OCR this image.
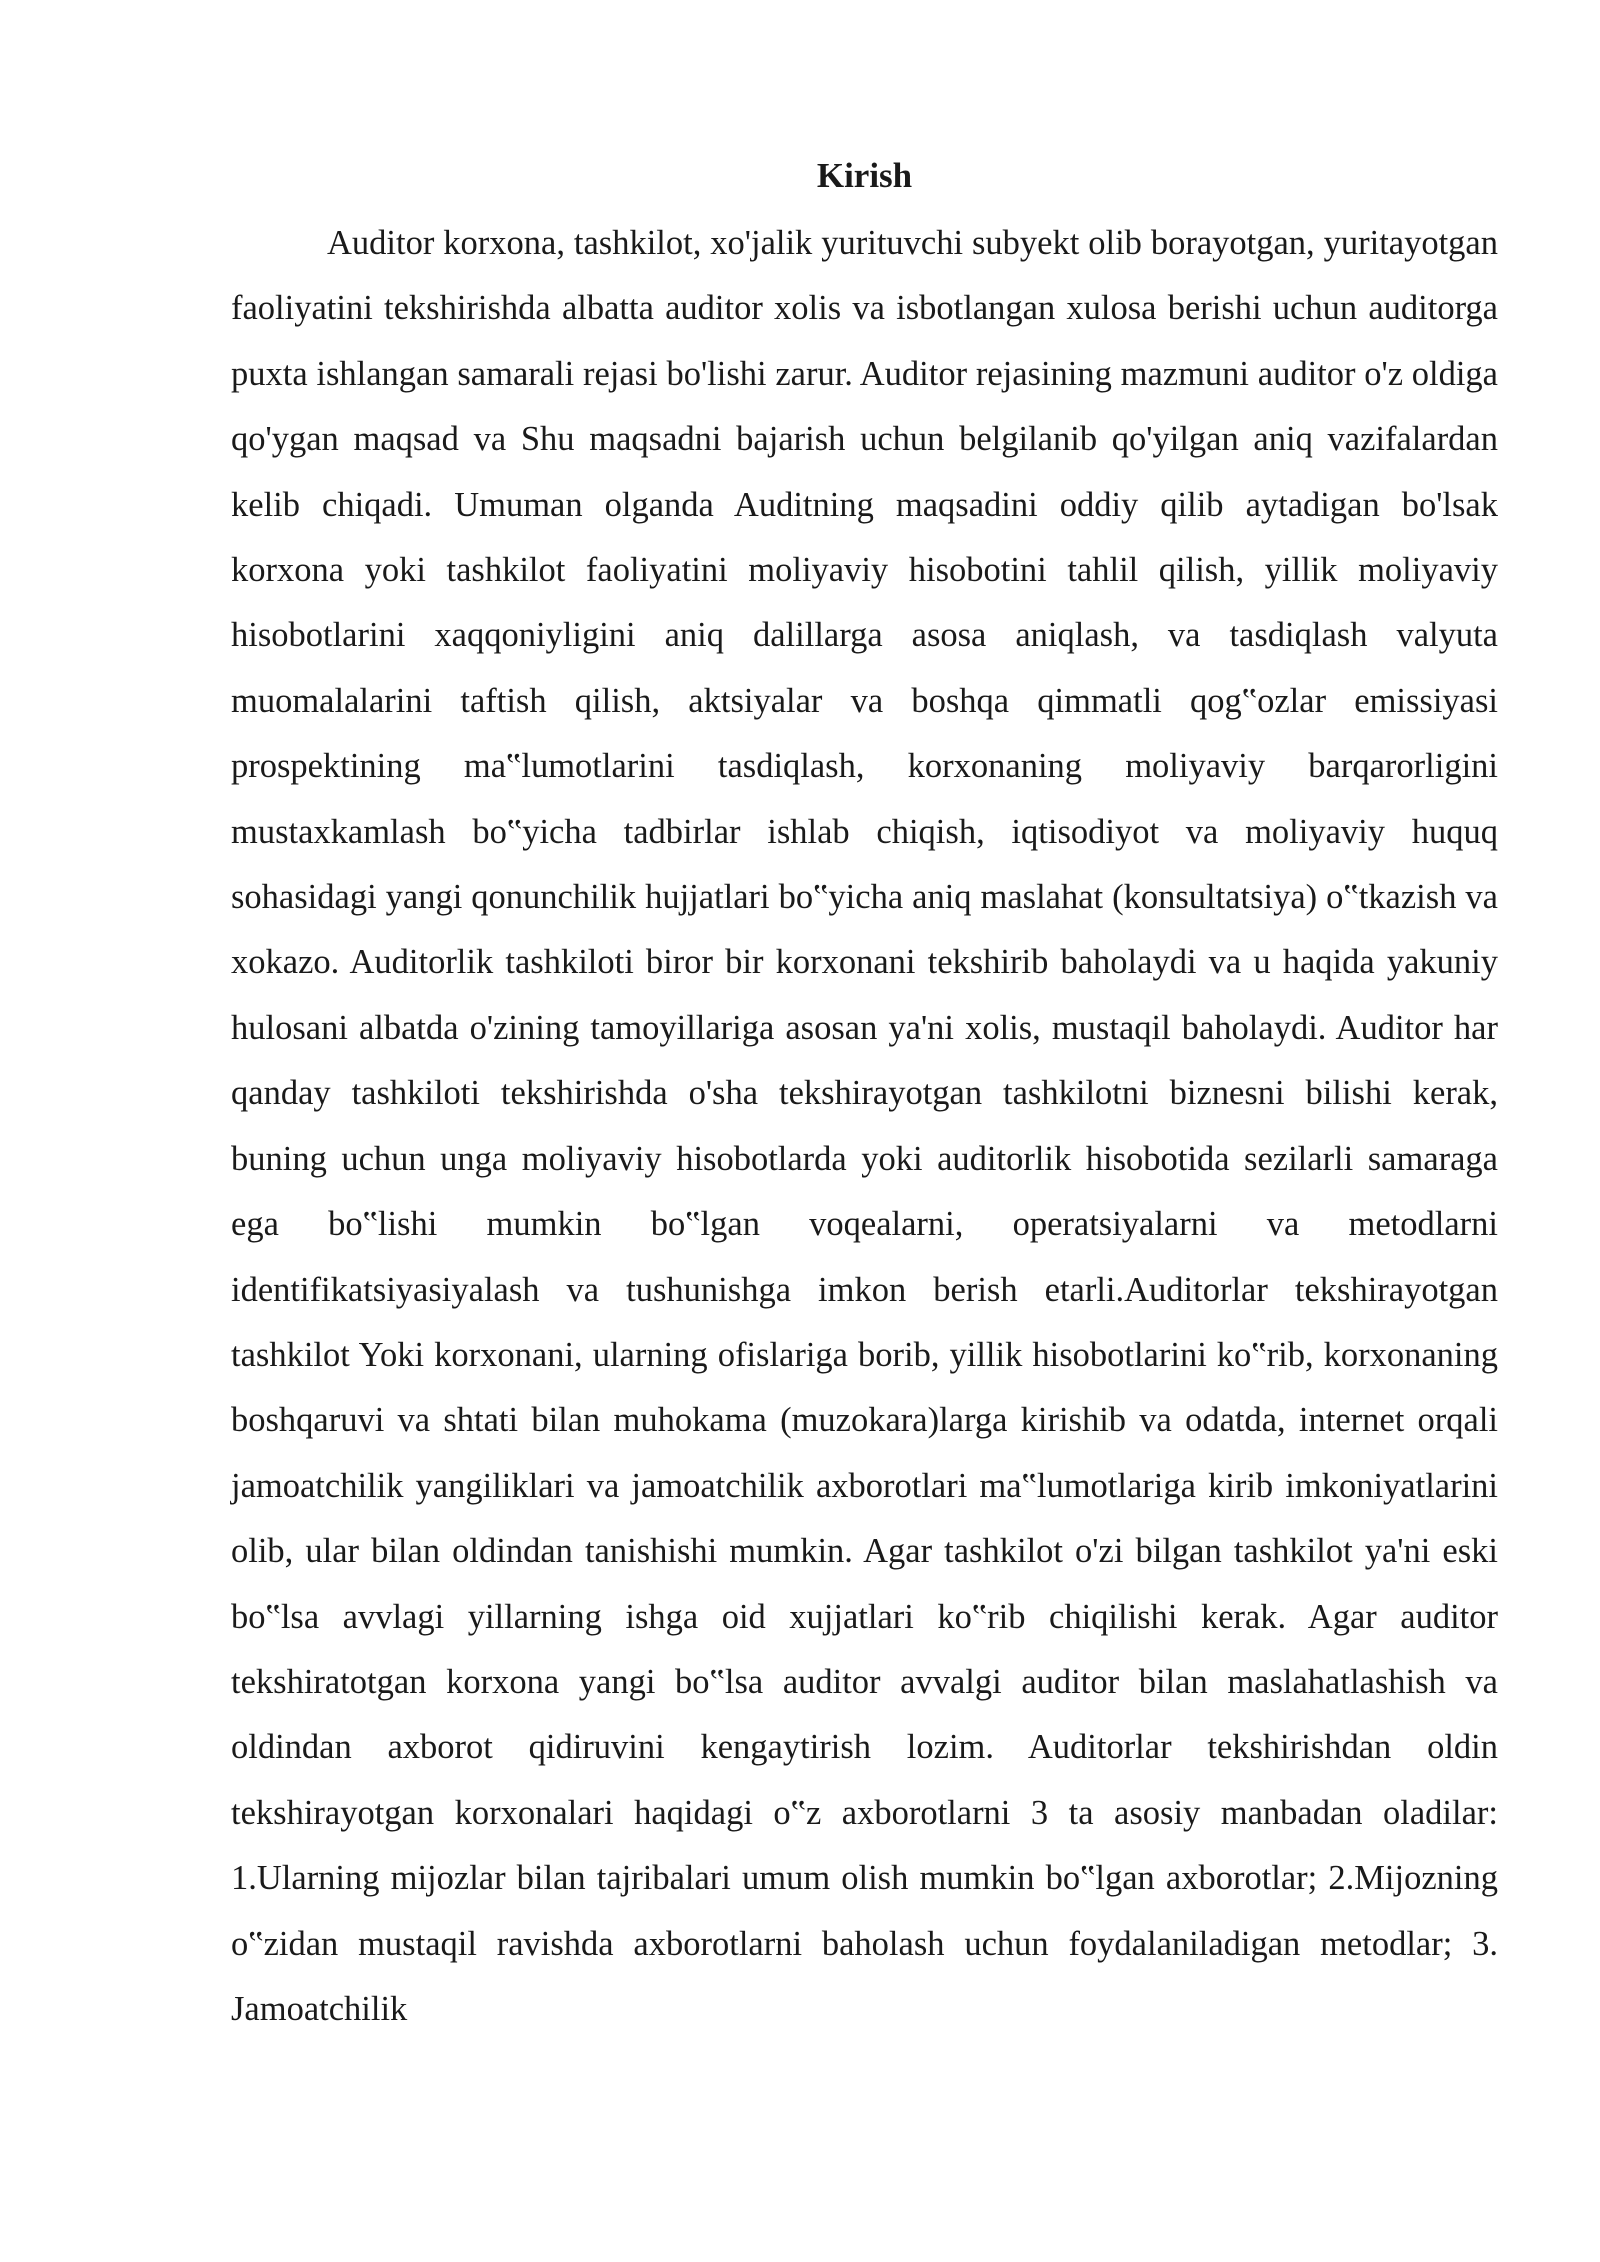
Kirish

Auditor korxona, tashkilot, xo'jalik yurituvchi subyekt olib borayotgan, yuritayotgan faoliyatini tekshirishda albatta auditor xolis va isbotlangan xulosa berishi uchun auditorga puxta ishlangan samarali rejasi bo'lishi zarur. Auditor rejasining mazmuni auditor o'z oldiga qo'ygan maqsad va Shu maqsadni bajarish uchun belgilanib qo'yilgan aniq vazifalardan kelib chiqadi. Umuman olganda Auditning maqsadini oddiy qilib aytadigan bo'lsak korxona yoki tashkilot faoliyatini moliyaviy hisobotini tahlil qilish, yillik moliyaviy hisobotlarini xaqqoniyligini aniq dalillarga asosa aniqlash, va tasdiqlash valyuta muomalalarini taftish qilish, aktsiyalar va boshqa qimmatli qog‟ozlar emissiyasi prospektining ma‟lumotlarini tasdiqlash, korxonaning moliyaviy barqarorligini mustaxkamlash bo‟yicha tadbirlar ishlab chiqish, iqtisodiyot va moliyaviy huquq sohasidagi yangi qonunchilik hujjatlari bo‟yicha aniq maslahat (konsultatsiya) o‟tkazish va xokazo. Auditorlik tashkiloti biror bir korxonani tekshirib baholaydi va u haqida yakuniy hulosani albatda o'zining tamoyillariga asosan ya'ni xolis, mustaqil baholaydi. Auditor har qanday tashkiloti tekshirishda o'sha tekshirayotgan tashkilotni biznesni bilishi kerak, buning uchun unga moliyaviy hisobotlarda yoki auditorlik hisobotida sezilarli samaraga ega bo‟lishi mumkin bo‟lgan voqealarni, operatsiyalarni va metodlarni identifikatsiyasiyalash va tushunishga imkon berish etarli.Auditorlar tekshirayotgan tashkilot Yoki korxonani, ularning ofislariga borib, yillik hisobotlarini ko‟rib, korxonaning boshqaruvi va shtati bilan muhokama (muzokara)larga kirishib va odatda, internet orqali jamoatchilik yangiliklari va jamoatchilik axborotlari ma‟lumotlariga kirib imkoniyatlarini olib, ular bilan oldindan tanishishi mumkin. Agar tashkilot o'zi bilgan tashkilot ya'ni eski bo‟lsa avvlagi yillarning ishga oid xujjatlari ko‟rib chiqilishi kerak. Agar auditor tekshiratotgan korxona yangi bo‟lsa auditor avvalgi auditor bilan maslahatlashish va oldindan axborot qidiruvini kengaytirish lozim. Auditorlar tekshirishdan oldin tekshirayotgan korxonalari haqidagi o‟z axborotlarni 3 ta asosiy manbadan oladilar: 1.Ularning mijozlar bilan tajribalari umum olish mumkin bo‟lgan axborotlar; 2.Mijozning o‟zidan mustaqil ravishda axborotlarni baholash uchun foydalaniladigan metodlar; 3. Jamoatchilik
